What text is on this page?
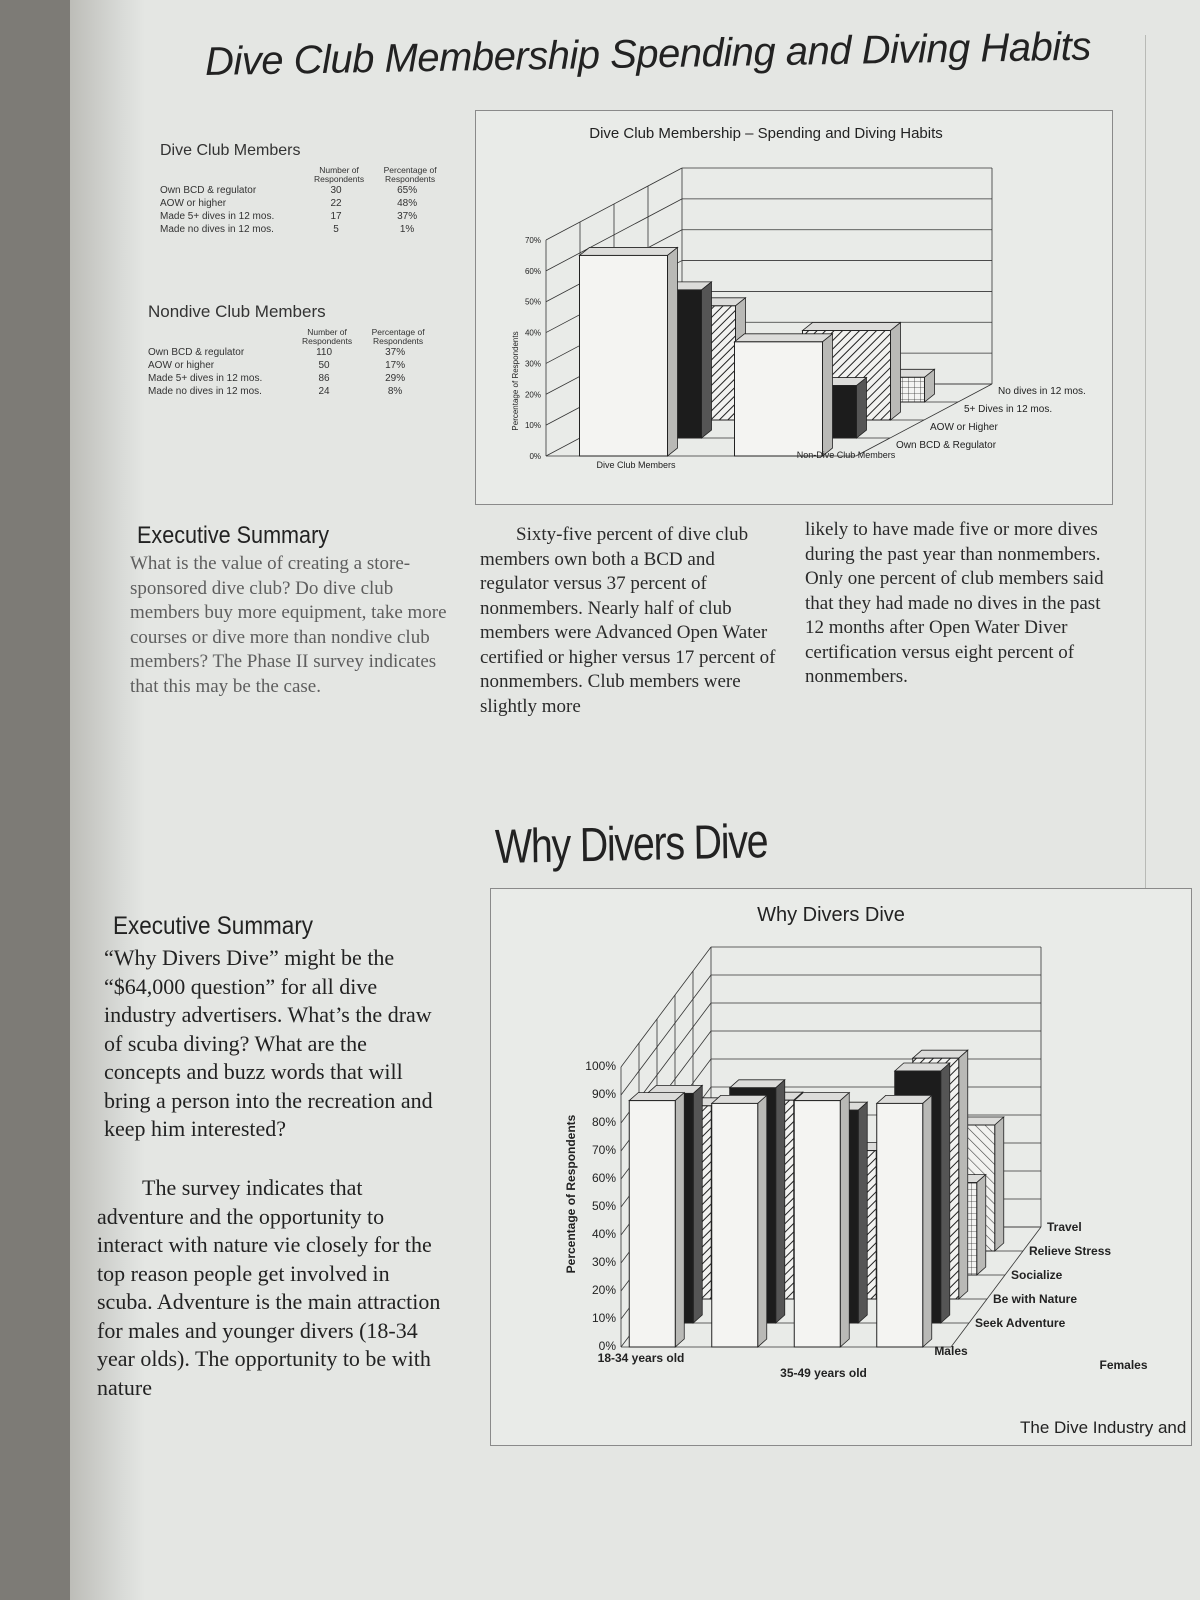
Dive Club Membership Spending and Diving Habits
Dive Club Members
	Number of Respondents	Percentage of Respondents
Own BCD & regulator	30	65%
AOW or higher	22	48%
Made 5+ dives in 12 mos.	17	37%
Made no dives in 12 mos.	5	1%
Nondive Club Members
	Number of Respondents	Percentage of Respondents
Own BCD & regulator	110	37%
AOW or higher	50	17%
Made 5+ dives in 12 mos.	86	29%
Made no dives in 12 mos.	24	8%
Dive Club Membership – Spending and Diving Habits
Percentage of Respondents
0%
10%
20%
30%
40%
50%
60%
70%
No dives in 12 mos.
5+ Dives in 12 mos.
AOW or Higher
Own BCD & Regulator
Dive Club Members
Non-Dive Club Members
Executive Summary
What is the value of creating a store-sponsored dive club? Do dive club members buy more equipment, take more courses or dive more than nondive club members? The Phase II survey indicates that this may be the case.
Sixty-five percent of dive club members own both a BCD and regulator versus 37 percent of nonmembers. Nearly half of club members were Advanced Open Water certified or higher versus 17 percent of nonmembers. Club members were slightly more
likely to have made five or more dives during the past year than nonmembers. Only one percent of club members said that they had made no dives in the past 12 months after Open Water Diver certification versus eight percent of nonmembers.
Why Divers Dive
Executive Summary
“Why Divers Dive” might be the “$64,000 question” for all dive industry advertisers. What’s the draw of scuba diving? What are the concepts and buzz words that will bring a person into the recreation and keep him interested?
The survey indicates that adventure and the opportunity to interact with nature vie closely for the top reason people get involved in scuba. Adventure is the main attraction for males and younger divers (18-34 year olds). The opportunity to be with nature
Why Divers Dive
Percentage of Respondents
0%
10%
20%
30%
40%
50%
60%
70%
80%
90%
100%
Travel
Relieve Stress
Socialize
Be with Nature
Seek Adventure
18-34 years old
35-49 years old
Males
Females
The Dive Industry and
